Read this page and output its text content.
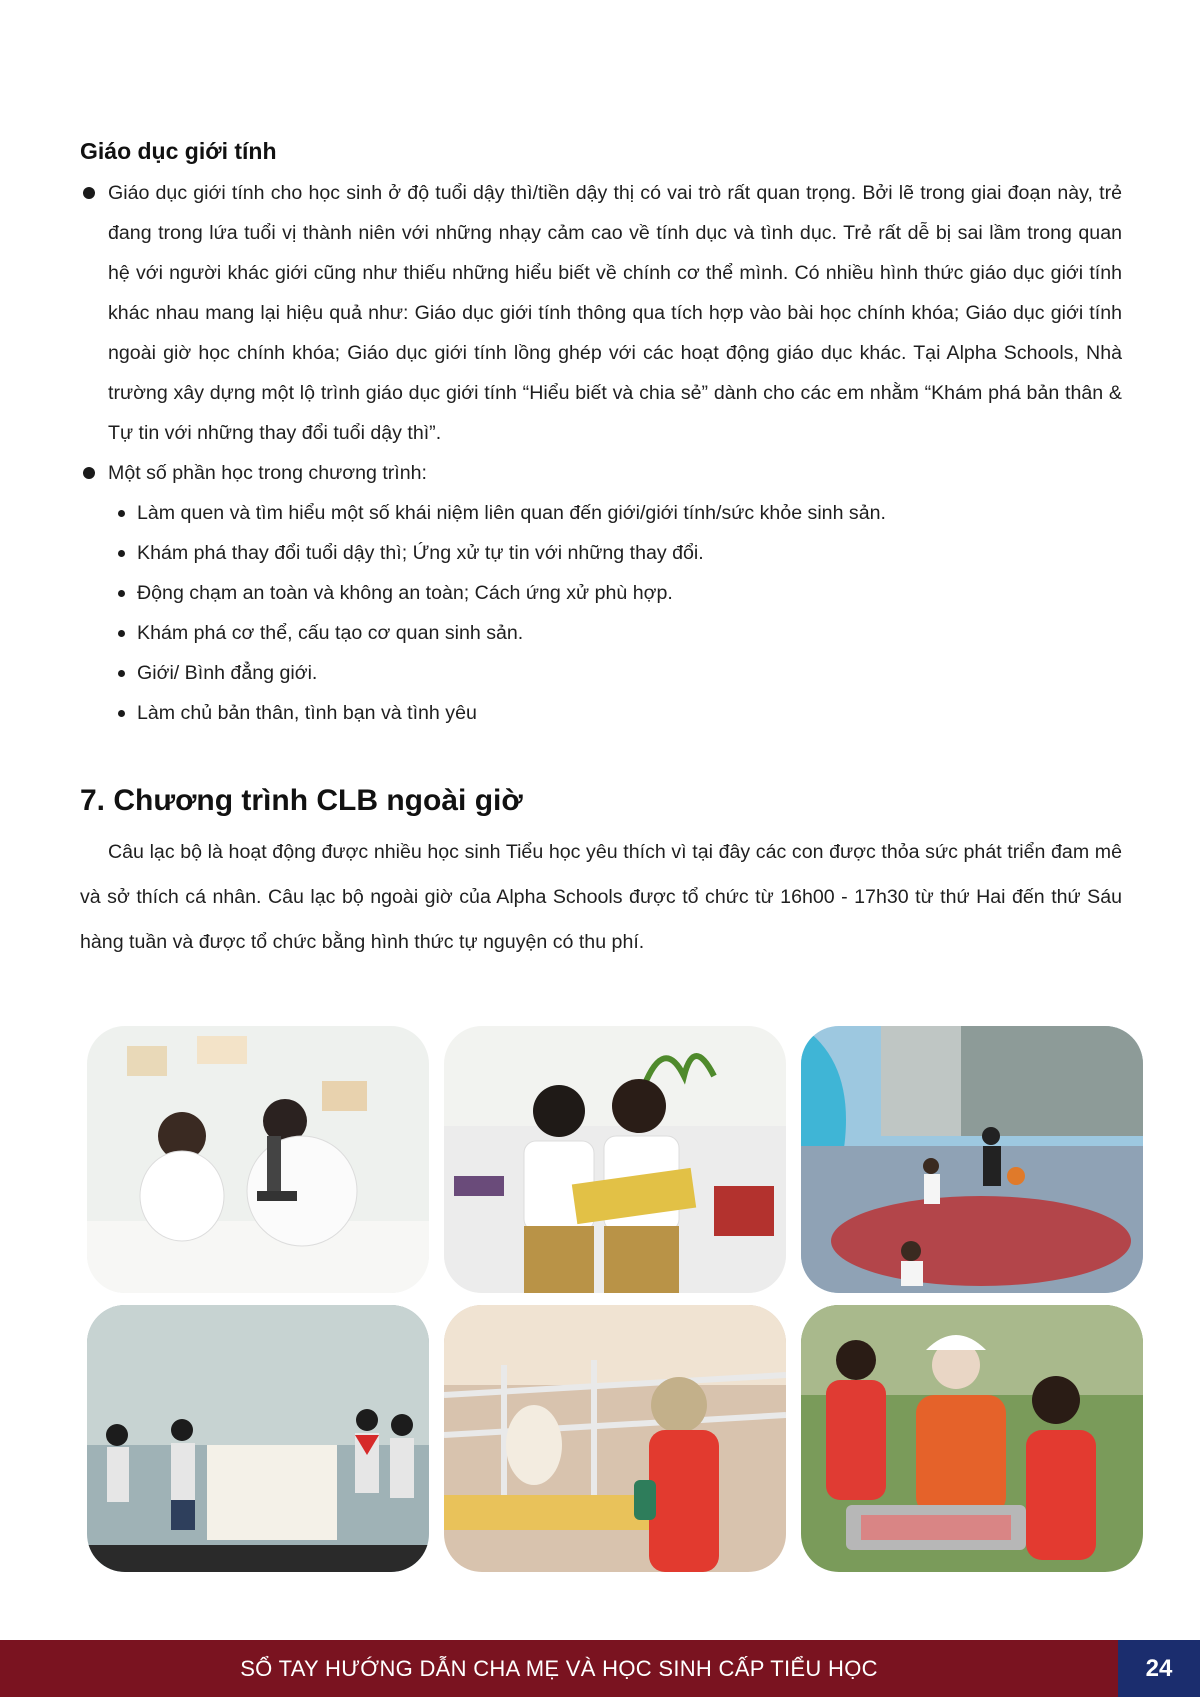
Giáo dục giới tính

Giáo dục giới tính cho học sinh ở độ tuổi dậy thì/tiền dậy thị có vai trò rất quan trọng. Bởi lẽ trong giai đoạn này, trẻ đang trong lứa tuổi vị thành niên với những nhạy cảm cao về tính dục và tình dục. Trẻ rất dễ bị sai lầm trong quan hệ với người khác giới cũng như thiếu những hiểu biết về chính cơ thể mình. Có nhiều hình thức giáo dục giới tính khác nhau mang lại hiệu quả như: Giáo dục giới tính thông qua tích hợp vào bài học chính khóa; Giáo dục giới tính ngoài giờ học chính khóa; Giáo dục giới tính lồng ghép với các hoạt động giáo dục khác. Tại Alpha Schools, Nhà trường xây dựng một lộ trình giáo dục giới tính “Hiểu biết và chia sẻ” dành cho các em nhằm “Khám phá bản thân & Tự tin với những thay đổi tuổi dậy thì”.

Một số phần học trong chương trình:

Làm quen và tìm hiểu một số khái niệm liên quan đến giới/giới tính/sức khỏe sinh sản.
Khám phá thay đổi tuổi dậy thì; Ứng xử tự tin với những thay đổi.
Động chạm an toàn và không an toàn; Cách ứng xử phù hợp.
Khám phá cơ thể, cấu tạo cơ quan sinh sản.
Giới/ Bình đẳng giới.
Làm chủ bản thân, tình bạn và tình yêu
7. Chương trình CLB ngoài giờ

Câu lạc bộ là hoạt động được nhiều học sinh Tiểu học yêu thích vì tại đây các con được thỏa sức phát triển đam mê và sở thích cá nhân. Câu lạc bộ ngoài giờ của Alpha Schools được tổ chức từ 16h00 - 17h30 từ thứ Hai đến thứ Sáu hàng tuần và được tổ chức bằng hình thức tự nguyện có thu phí.

SỔ TAY HƯỚNG DẪN CHA MẸ VÀ HỌC SINH CẤP TIỂU HỌC	24
